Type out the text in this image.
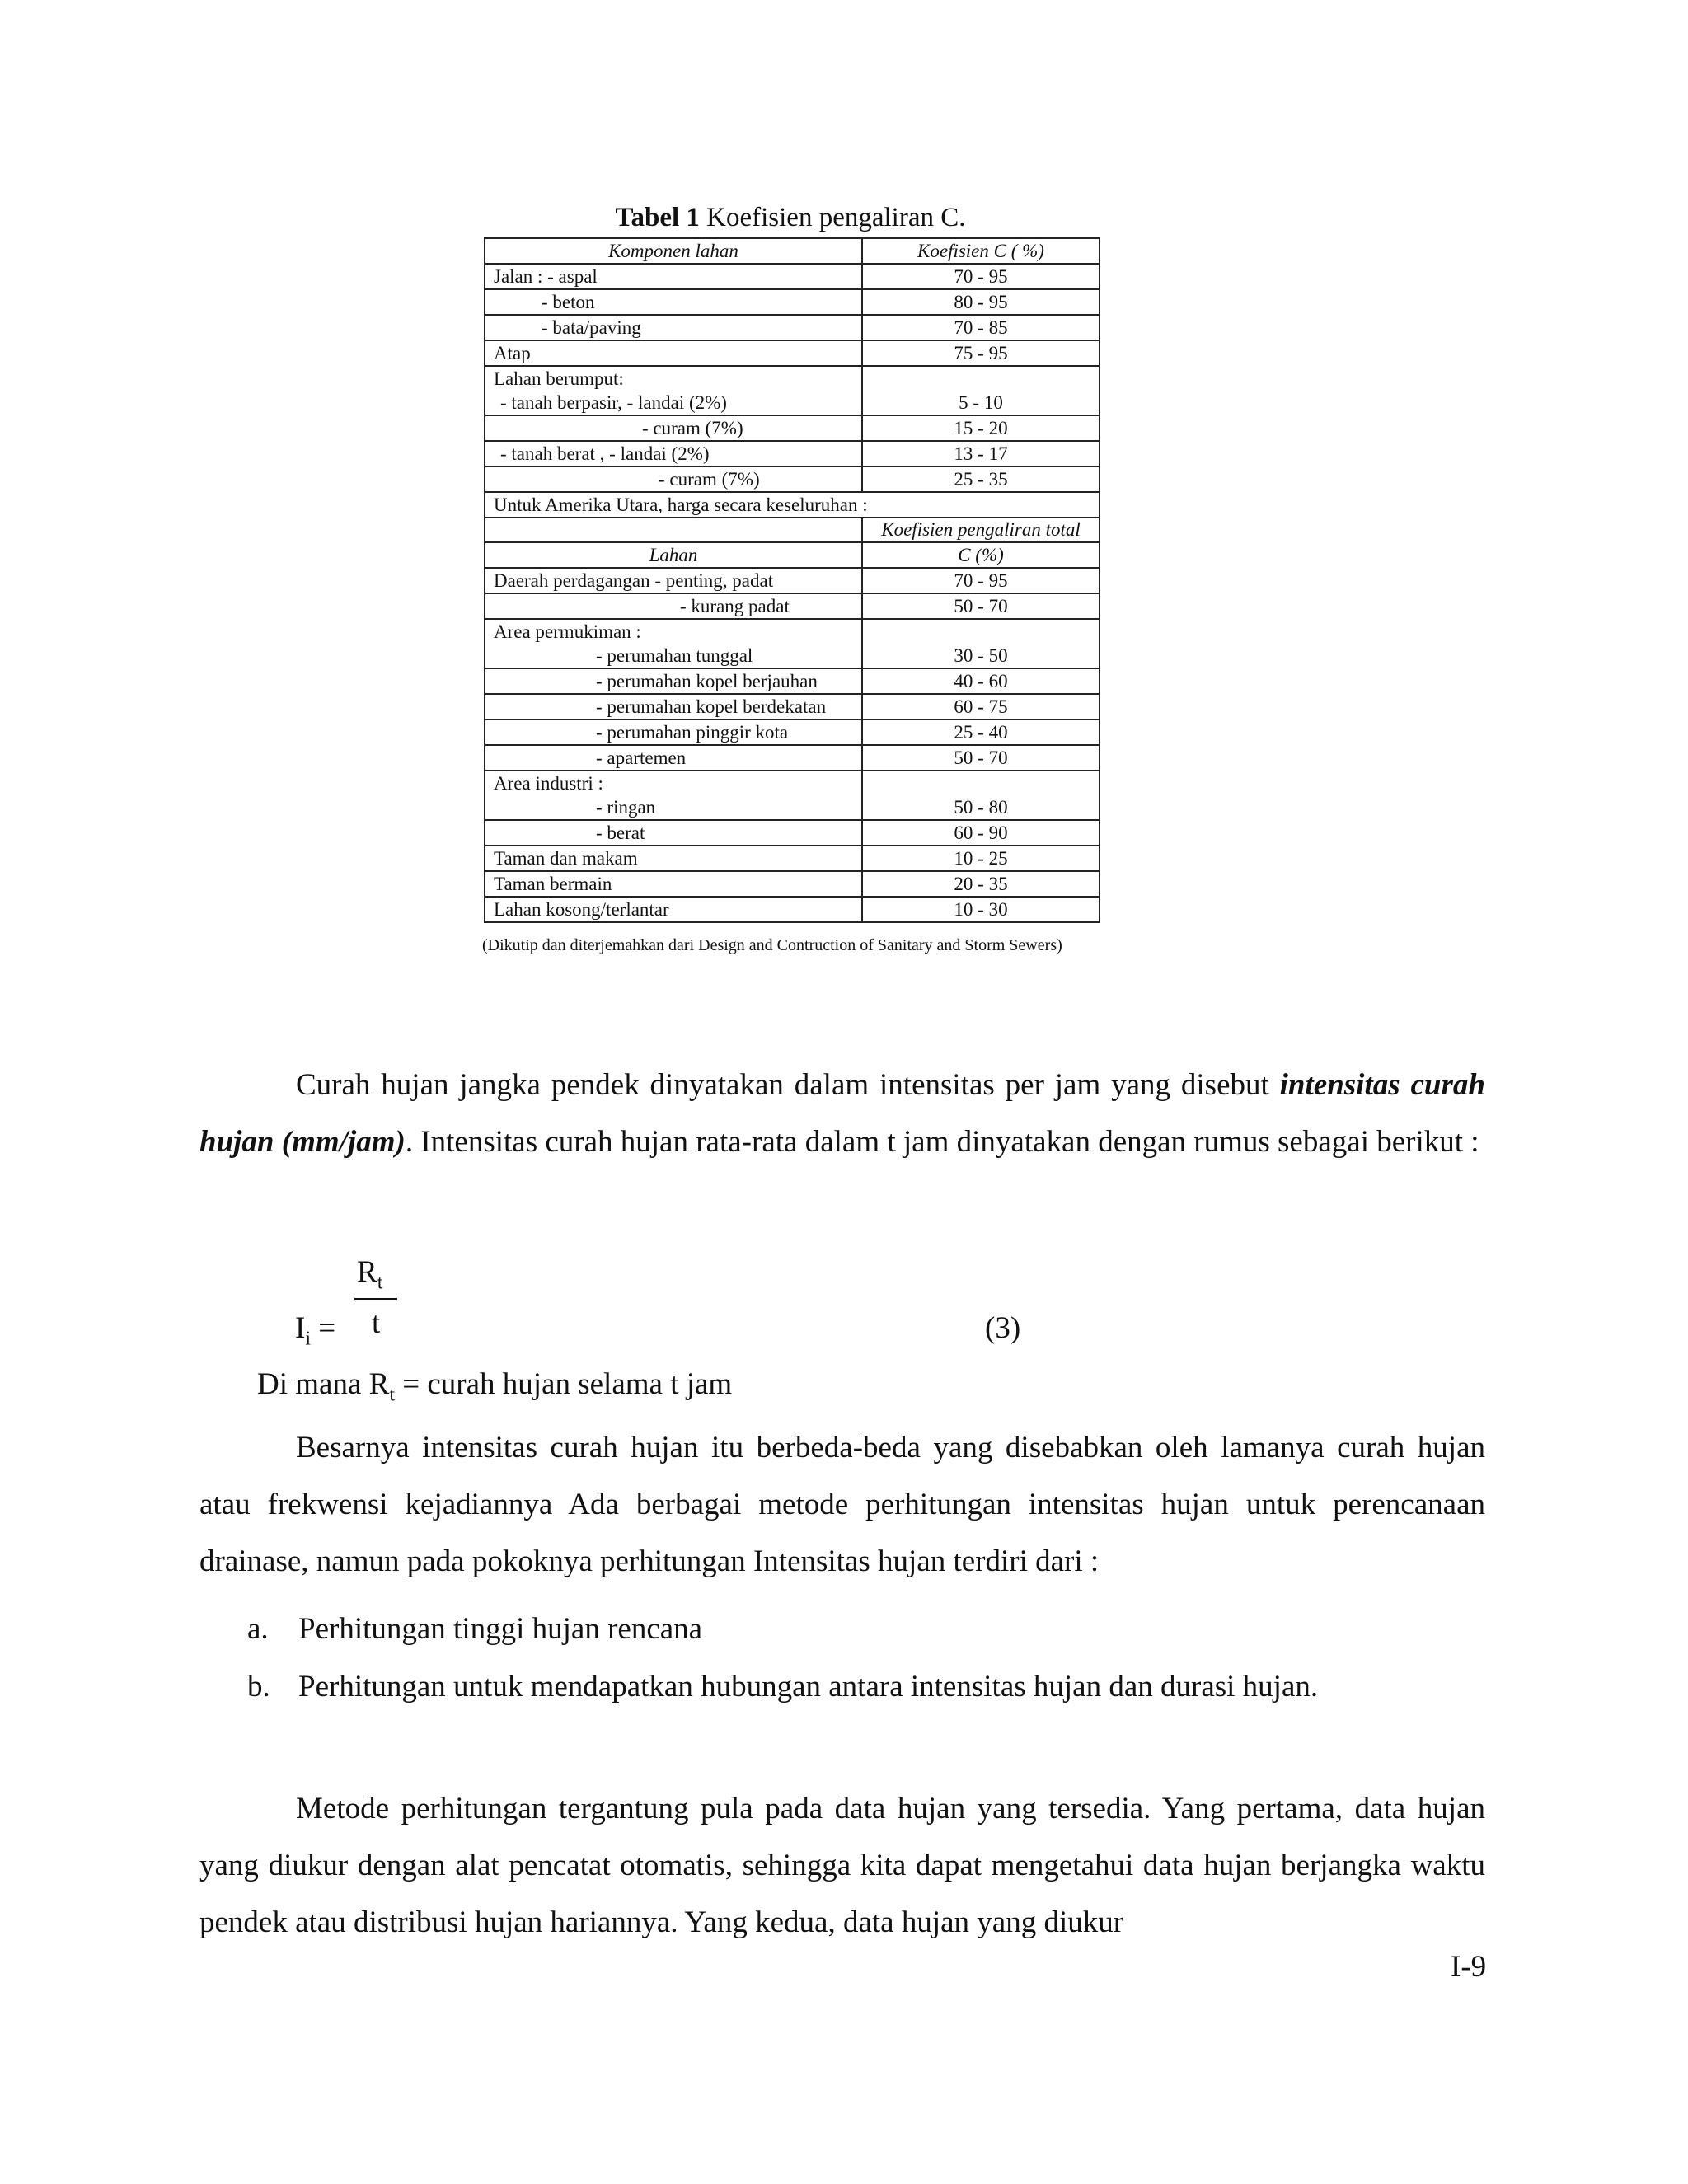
Tabel 1 Koefisien pengaliran C.
Komponen lahan	Koefisien C ( %)

Jalan : - aspal	70 - 95

- beton	80 - 95

- bata/paving	70 - 85
Atap	75 - 95

Lahan berumput:
- tanah berpasir, - landai (2%)	5 - 10

- curam (7%)	15 - 20

- tanah berat , - landai (2%)	13 - 17

- curam (7%)	25 - 35
Untuk Amerika Utara, harga secara keseluruhan :	
	Koefisien pengaliran total
Lahan	C (%)
Daerah perdagangan - penting, padat	70 - 95

- kurang padat	50 - 70

Area permukiman :
- perumahan tunggal	30 - 50

- perumahan kopel berjauhan	40 - 60

- perumahan kopel berdekatan	60 - 75

- perumahan pinggir kota	25 - 40

- apartemen	50 - 70

Area industri :
- ringan	50 - 80

- berat	60 - 90
Taman dan makam	10 - 25
Taman bermain	20 - 35
Lahan kosong/terlantar	10 - 30
(Dikutip dan diterjemahkan dari Design and Contruction of Sanitary and Storm Sewers)
Curah hujan jangka pendek dinyatakan dalam intensitas per jam yang disebut intensitas curah hujan (mm/jam). Intensitas curah hujan rata-rata dalam t jam dinyatakan dengan rumus sebagai berikut :
$R_t$
t
$I_i$ =	(3)
Di mana $R_t$ = curah hujan selama t jam
Besarnya intensitas curah hujan itu berbeda-beda yang disebabkan oleh lamanya curah hujan atau frekwensi kejadiannya Ada berbagai metode perhitungan intensitas hujan untuk perencanaan drainase, namun pada pokoknya perhitungan Intensitas hujan terdiri dari :
a. Perhitungan tinggi hujan rencana
b. Perhitungan untuk mendapatkan hubungan antara intensitas hujan dan durasi hujan.
Metode perhitungan tergantung pula pada data hujan yang tersedia. Yang pertama, data hujan yang diukur dengan alat pencatat otomatis, sehingga kita dapat mengetahui data hujan berjangka waktu pendek atau distribusi hujan hariannya. Yang kedua, data hujan yang diukur
I-9
